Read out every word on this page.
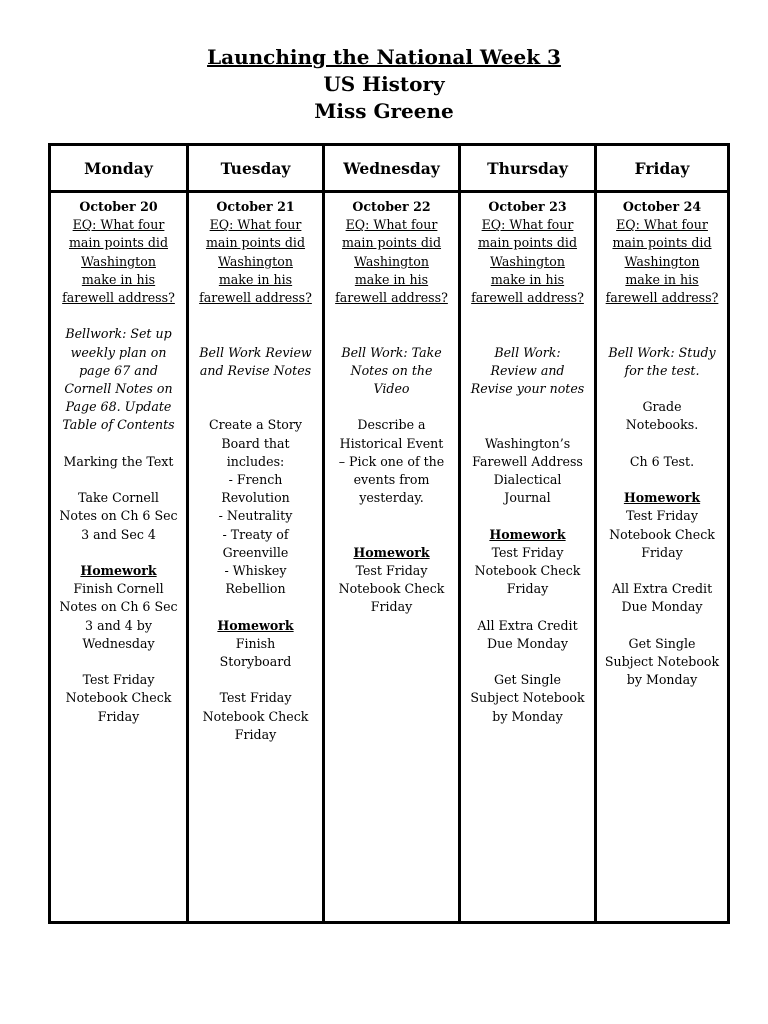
Launching the National Week 3
US History
Miss Greene
Monday
October 20
EQ: What four
main points did
Washington
make in his
farewell address?
Bellwork: Set up
weekly plan on
page 67 and
Cornell Notes on
Page 68. Update
Table of Contents
Marking the Text
Take Cornell
Notes on Ch 6 Sec
3 and Sec 4
Homework
Finish Cornell
Notes on Ch 6 Sec
3 and 4 by
Wednesday
Test Friday
Notebook Check
Friday
Tuesday
October 21
EQ: What four
main points did
Washington
make in his
farewell address?
Bell Work Review
and Revise Notes
Create a Story
Board that
includes:
- French
Revolution
- Neutrality
- Treaty of
Greenville
- Whiskey
Rebellion
Homework
Finish
Storyboard
Test Friday
Notebook Check
Friday
Wednesday
October 22
EQ: What four
main points did
Washington
make in his
farewell address?
Bell Work: Take
Notes on the
Video
Describe a
Historical Event
– Pick one of the
events from
yesterday.
Homework
Test Friday
Notebook Check
Friday
Thursday
October 23
EQ: What four
main points did
Washington
make in his
farewell address?
Bell Work:
Review and
Revise your notes
Washington’s
Farewell Address
Dialectical
Journal
Homework
Test Friday
Notebook Check
Friday
All Extra Credit
Due Monday
Get Single
Subject Notebook
by Monday
Friday
October 24
EQ: What four
main points did
Washington
make in his
farewell address?
Bell Work: Study
for the test.
Grade
Notebooks.
Ch 6 Test.
Homework
Test Friday
Notebook Check
Friday
All Extra Credit
Due Monday
Get Single
Subject Notebook
by Monday
